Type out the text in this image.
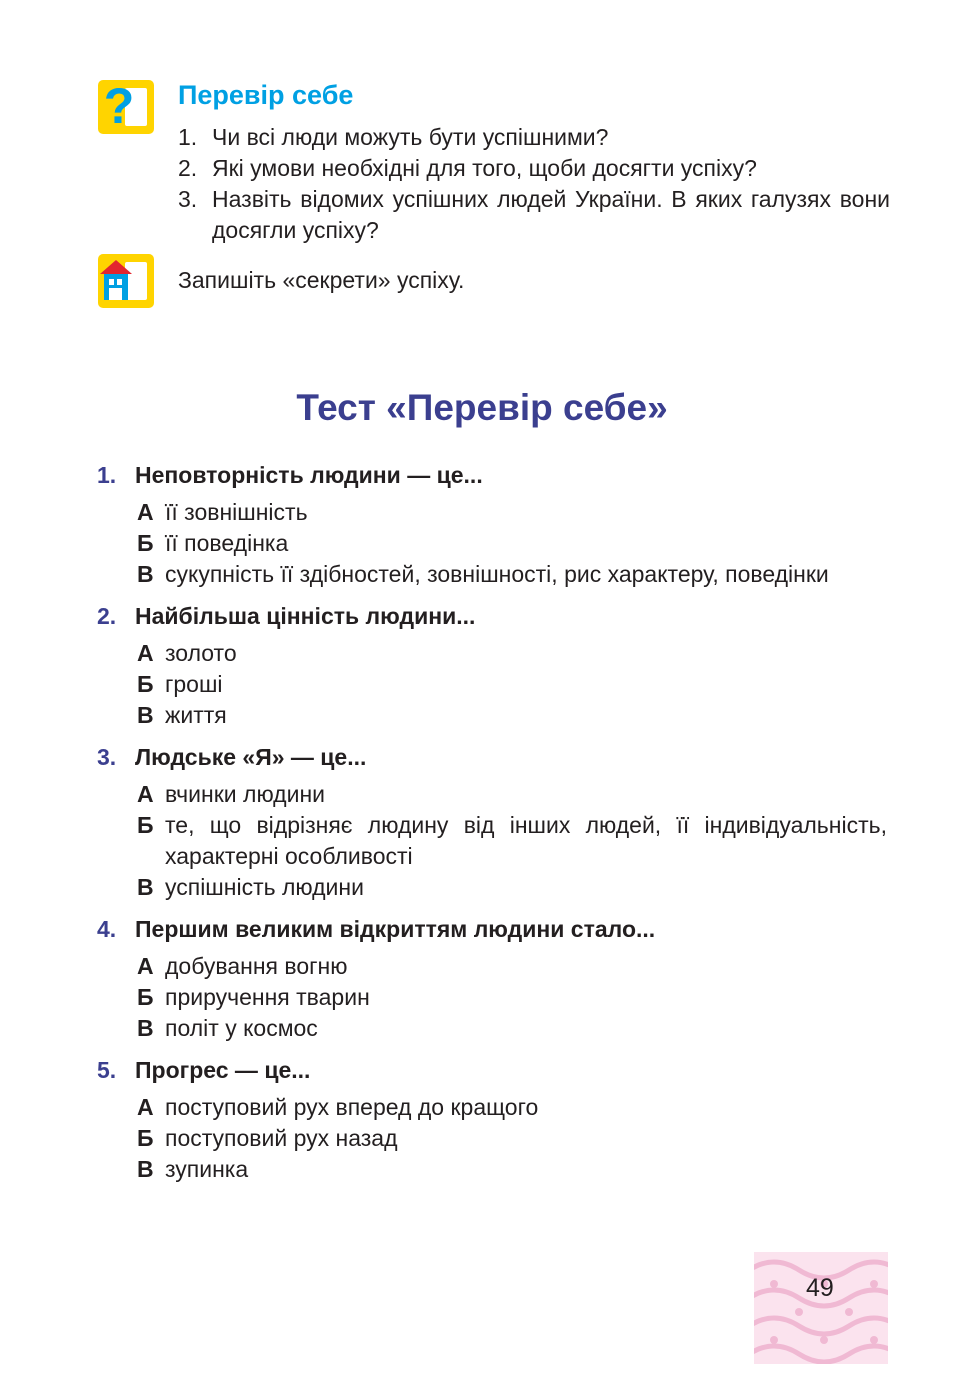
? Перевір себе
1. Чи всі люди можуть бути успішними?
2. Які умови необхідні для того, щоби досягти успіху?
3. Назвіть відомих успішних людей України. В яких галузях вони досягли успіху?

Запишіть «секрети» успіху.

Тест «Перевір себе»
1. Неповторність людини — це...
А її зовнішність
Б її поведінка
В сукупність її здібностей, зовнішності, рис характеру, поведінки
2. Найбільша цінність людини...
А золото
Б гроші
В життя
3. Людське «Я» — це...
А вчинки людини
Б те, що відрізняє людину від інших людей, її індивідуальність, характерні особливості
В успішність людини
4. Першим великим відкриттям людини стало...
А добування вогню
Б приручення тварин
В політ у космос
5. Прогрес — це...
А поступовий рух вперед до кращого
Б поступовий рух назад
В зупинка
49
